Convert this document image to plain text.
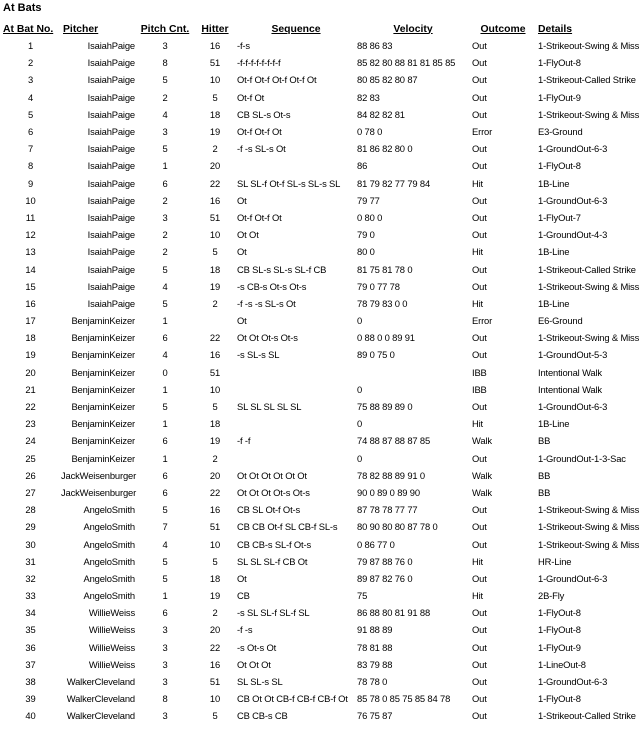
At Bats
At Bat No.	Pitcher	Pitch Cnt.	Hitter	Sequence	Velocity	Outcome	Details
1	IsaiahPaige	3	16	-f-s	88 86 83	Out	1-Strikeout-Swing & Miss
2	IsaiahPaige	8	51	-f-f-f-f-f-f-f-f	85 82 80 88 81 81 85 85	Out	1-FlyOut-8
3	IsaiahPaige	5	10	Ot-f Ot-f Ot-f Ot-f Ot	80 85 82 80 87	Out	1-Strikeout-Called Strike
4	IsaiahPaige	2	5	Ot-f Ot	82 83	Out	1-FlyOut-9
5	IsaiahPaige	4	18	CB SL-s Ot-s	84 82 82 81	Out	1-Strikeout-Swing & Miss
6	IsaiahPaige	3	19	Ot-f Ot-f Ot	0 78 0	Error	E3-Ground
7	IsaiahPaige	5	2	-f -s SL-s Ot	81 86 82 80 0	Out	1-GroundOut-6-3
8	IsaiahPaige	1	20		86	Out	1-FlyOut-8
9	IsaiahPaige	6	22	SL SL-f Ot-f SL-s SL-s SL	81 79 82 77 79 84	Hit	1B-Line
10	IsaiahPaige	2	16	Ot	79 77	Out	1-GroundOut-6-3
11	IsaiahPaige	3	51	Ot-f Ot-f Ot	0 80 0	Out	1-FlyOut-7
12	IsaiahPaige	2	10	Ot Ot	79 0	Out	1-GroundOut-4-3
13	IsaiahPaige	2	5	Ot	80 0	Hit	1B-Line
14	IsaiahPaige	5	18	CB SL-s SL-s SL-f CB	81 75 81 78 0	Out	1-Strikeout-Called Strike
15	IsaiahPaige	4	19	-s CB-s Ot-s Ot-s	79 0 77 78	Out	1-Strikeout-Swing & Miss
16	IsaiahPaige	5	2	-f -s -s SL-s Ot	78 79 83 0 0	Hit	1B-Line
17	BenjaminKeizer	1		Ot	0	Error	E6-Ground
18	BenjaminKeizer	6	22	Ot Ot Ot-s Ot-s	0 88 0 0 89 91	Out	1-Strikeout-Swing & Miss
19	BenjaminKeizer	4	16	-s SL-s SL	89 0 75 0	Out	1-GroundOut-5-3
20	BenjaminKeizer	0	51			IBB	Intentional Walk
21	BenjaminKeizer	1	10		0	IBB	Intentional Walk
22	BenjaminKeizer	5	5	SL SL SL SL SL	75 88 89 89 0	Out	1-GroundOut-6-3
23	BenjaminKeizer	1	18		0	Hit	1B-Line
24	BenjaminKeizer	6	19	-f -f	74 88 87 88 87 85	Walk	BB
25	BenjaminKeizer	1	2		0	Out	1-GroundOut-1-3-Sac
26	JackWeisenburger	6	20	Ot Ot Ot Ot Ot Ot	78 82 88 89 91 0	Walk	BB
27	JackWeisenburger	6	22	Ot Ot Ot Ot-s Ot-s	90 0 89 0 89 90	Walk	BB
28	AngeloSmith	5	16	CB SL Ot-f Ot-s	87 78 78 77 77	Out	1-Strikeout-Swing & Miss
29	AngeloSmith	7	51	CB CB Ot-f SL CB-f SL-s	80 90 80 80 87 78 0	Out	1-Strikeout-Swing & Miss
30	AngeloSmith	4	10	CB CB-s SL-f Ot-s	0 86 77 0	Out	1-Strikeout-Swing & Miss
31	AngeloSmith	5	5	SL SL SL-f CB Ot	79 87 88 76 0	Hit	HR-Line
32	AngeloSmith	5	18	Ot	89 87 82 76 0	Out	1-GroundOut-6-3
33	AngeloSmith	1	19	CB	75	Hit	2B-Fly
34	WillieWeiss	6	2	-s SL SL-f SL-f SL	86 88 80 81 91 88	Out	1-FlyOut-8
35	WillieWeiss	3	20	-f -s	91 88 89	Out	1-FlyOut-8
36	WillieWeiss	3	22	-s Ot-s Ot	78 81 88	Out	1-FlyOut-9
37	WillieWeiss	3	16	Ot Ot Ot	83 79 88	Out	1-LineOut-8
38	WalkerCleveland	3	51	SL SL-s SL	78 78 0	Out	1-GroundOut-6-3
39	WalkerCleveland	8	10	CB Ot Ot CB-f CB-f CB-f Ot	85 78 0 85 75 85 84 78	Out	1-FlyOut-8
40	WalkerCleveland	3	5	CB CB-s CB	76 75 87	Out	1-Strikeout-Called Strike
